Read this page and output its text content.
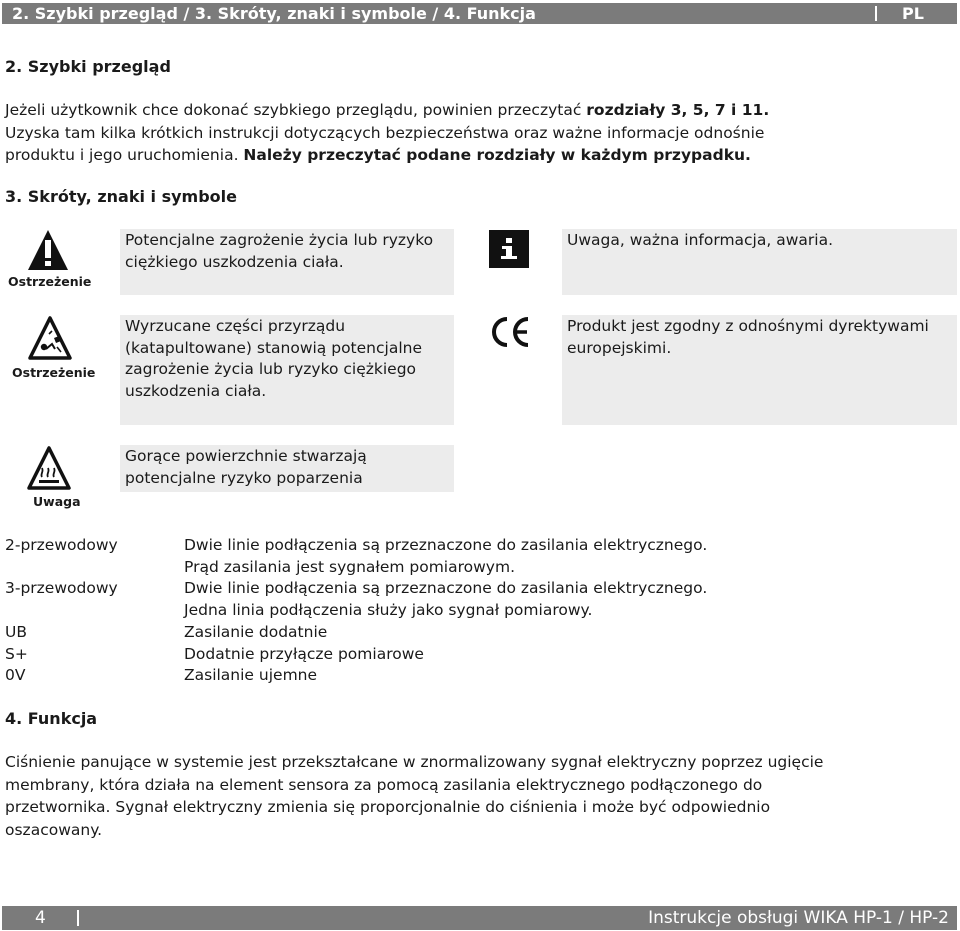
2. Szybki przegląd / 3. Skróty, znaki i symbole / 4. Funkcja	PL
2. Szybki przegląd
Jeżeli użytkownik chce dokonać szybkiego przeglądu, powinien przeczytać rozdziały 3, 5, 7 i 11.
Uzyska tam kilka krótkich instrukcji dotyczących bezpieczeństwa oraz ważne informacje odnośnie
produktu i jego uruchomienia. Należy przeczytać podane rozdziały w każdym przypadku.
3. Skróty, znaki i symbole
Ostrzeżenie
Potencjalne zagrożenie życia lub ryzyko ciężkiego uszkodzenia ciała.
Uwaga, ważna informacja, awaria.
Ostrzeżenie
Wyrzucane części przyrządu (katapultowane) stanowią potencjalne zagrożenie życia lub ryzyko ciężkiego uszkodzenia ciała.
Produkt jest zgodny z odnośnymi dyrektywami europejskimi.
Uwaga
Gorące powierzchnie stwarzają potencjalne ryzyko poparzenia
2-przewodowy	Dwie linie podłączenia są przeznaczone do zasilania elektrycznego.
Prąd zasilania jest sygnałem pomiarowym.
3-przewodowy	Dwie linie podłączenia są przeznaczone do zasilania elektrycznego.
Jedna linia podłączenia służy jako sygnał pomiarowy.
UB	Zasilanie dodatnie
S+	Dodatnie przyłącze pomiarowe
0V	Zasilanie ujemne
4. Funkcja
Ciśnienie panujące w systemie jest przekształcane w znormalizowany sygnał elektryczny poprzez ugięcie
membrany, która działa na element sensora za pomocą zasilania elektrycznego podłączonego do
przetwornika. Sygnał elektryczny zmienia się proporcjonalnie do ciśnienia i może być odpowiednio
oszacowany.
4	Instrukcje obsługi WIKA HP-1 / HP-2
